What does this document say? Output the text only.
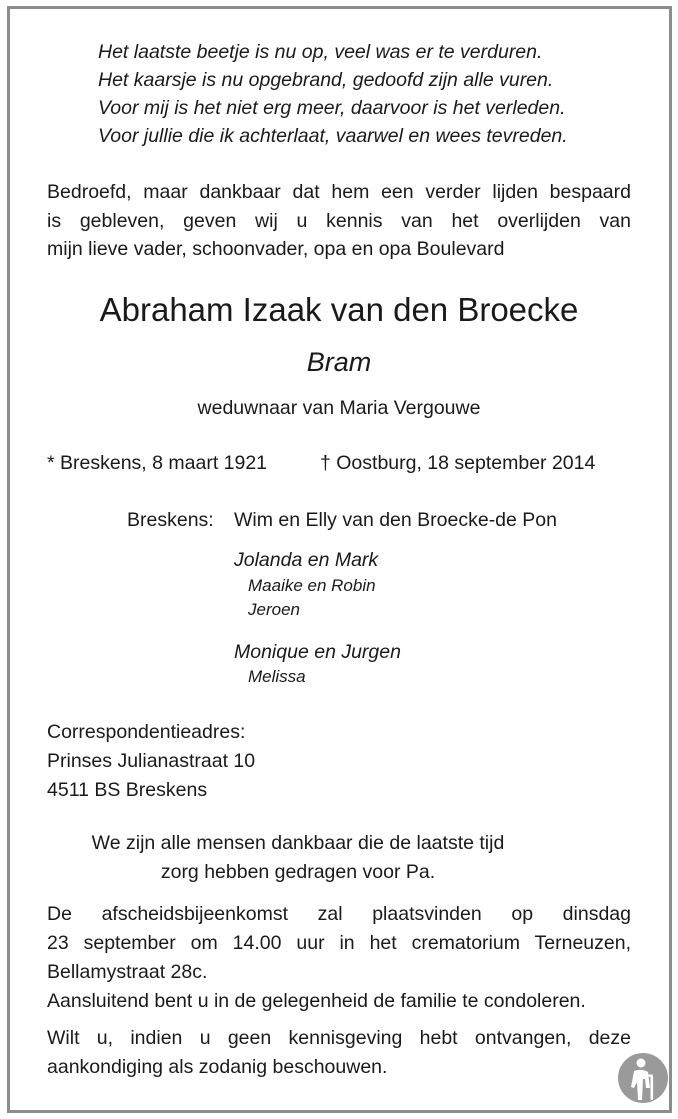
Het laatste beetje is nu op, veel was er te verduren.
Het kaarsje is nu opgebrand, gedoofd zijn alle vuren.
Voor mij is het niet erg meer, daarvoor is het verleden.
Voor jullie die ik achterlaat, vaarwel en wees tevreden.
Bedroefd, maar dankbaar dat hem een verder lijden bespaard
is gebleven, geven wij u kennis van het overlijden van
mijn lieve vader, schoonvader, opa en opa Boulevard
Abraham Izaak van den Broecke
Bram
weduwnaar van Maria Vergouwe
* Breskens, 8 maart 1921	† Oostburg, 18 september 2014
Breskens: Wim en Elly van den Broecke-de Pon
Jolanda en Mark
Maaike en Robin
Jeroen
Monique en Jurgen
Melissa
Correspondentieadres:
Prinses Julianastraat 10
4511 BS Breskens
We zijn alle mensen dankbaar die de laatste tijd
zorg hebben gedragen voor Pa.
De afscheidsbijeenkomst zal plaatsvinden op dinsdag
23 september om 14.00 uur in het crematorium Terneuzen,
Bellamystraat 28c.
Aansluitend bent u in de gelegenheid de familie te condoleren.
Wilt u, indien u geen kennisgeving hebt ontvangen, deze
aankondiging als zodanig beschouwen.
